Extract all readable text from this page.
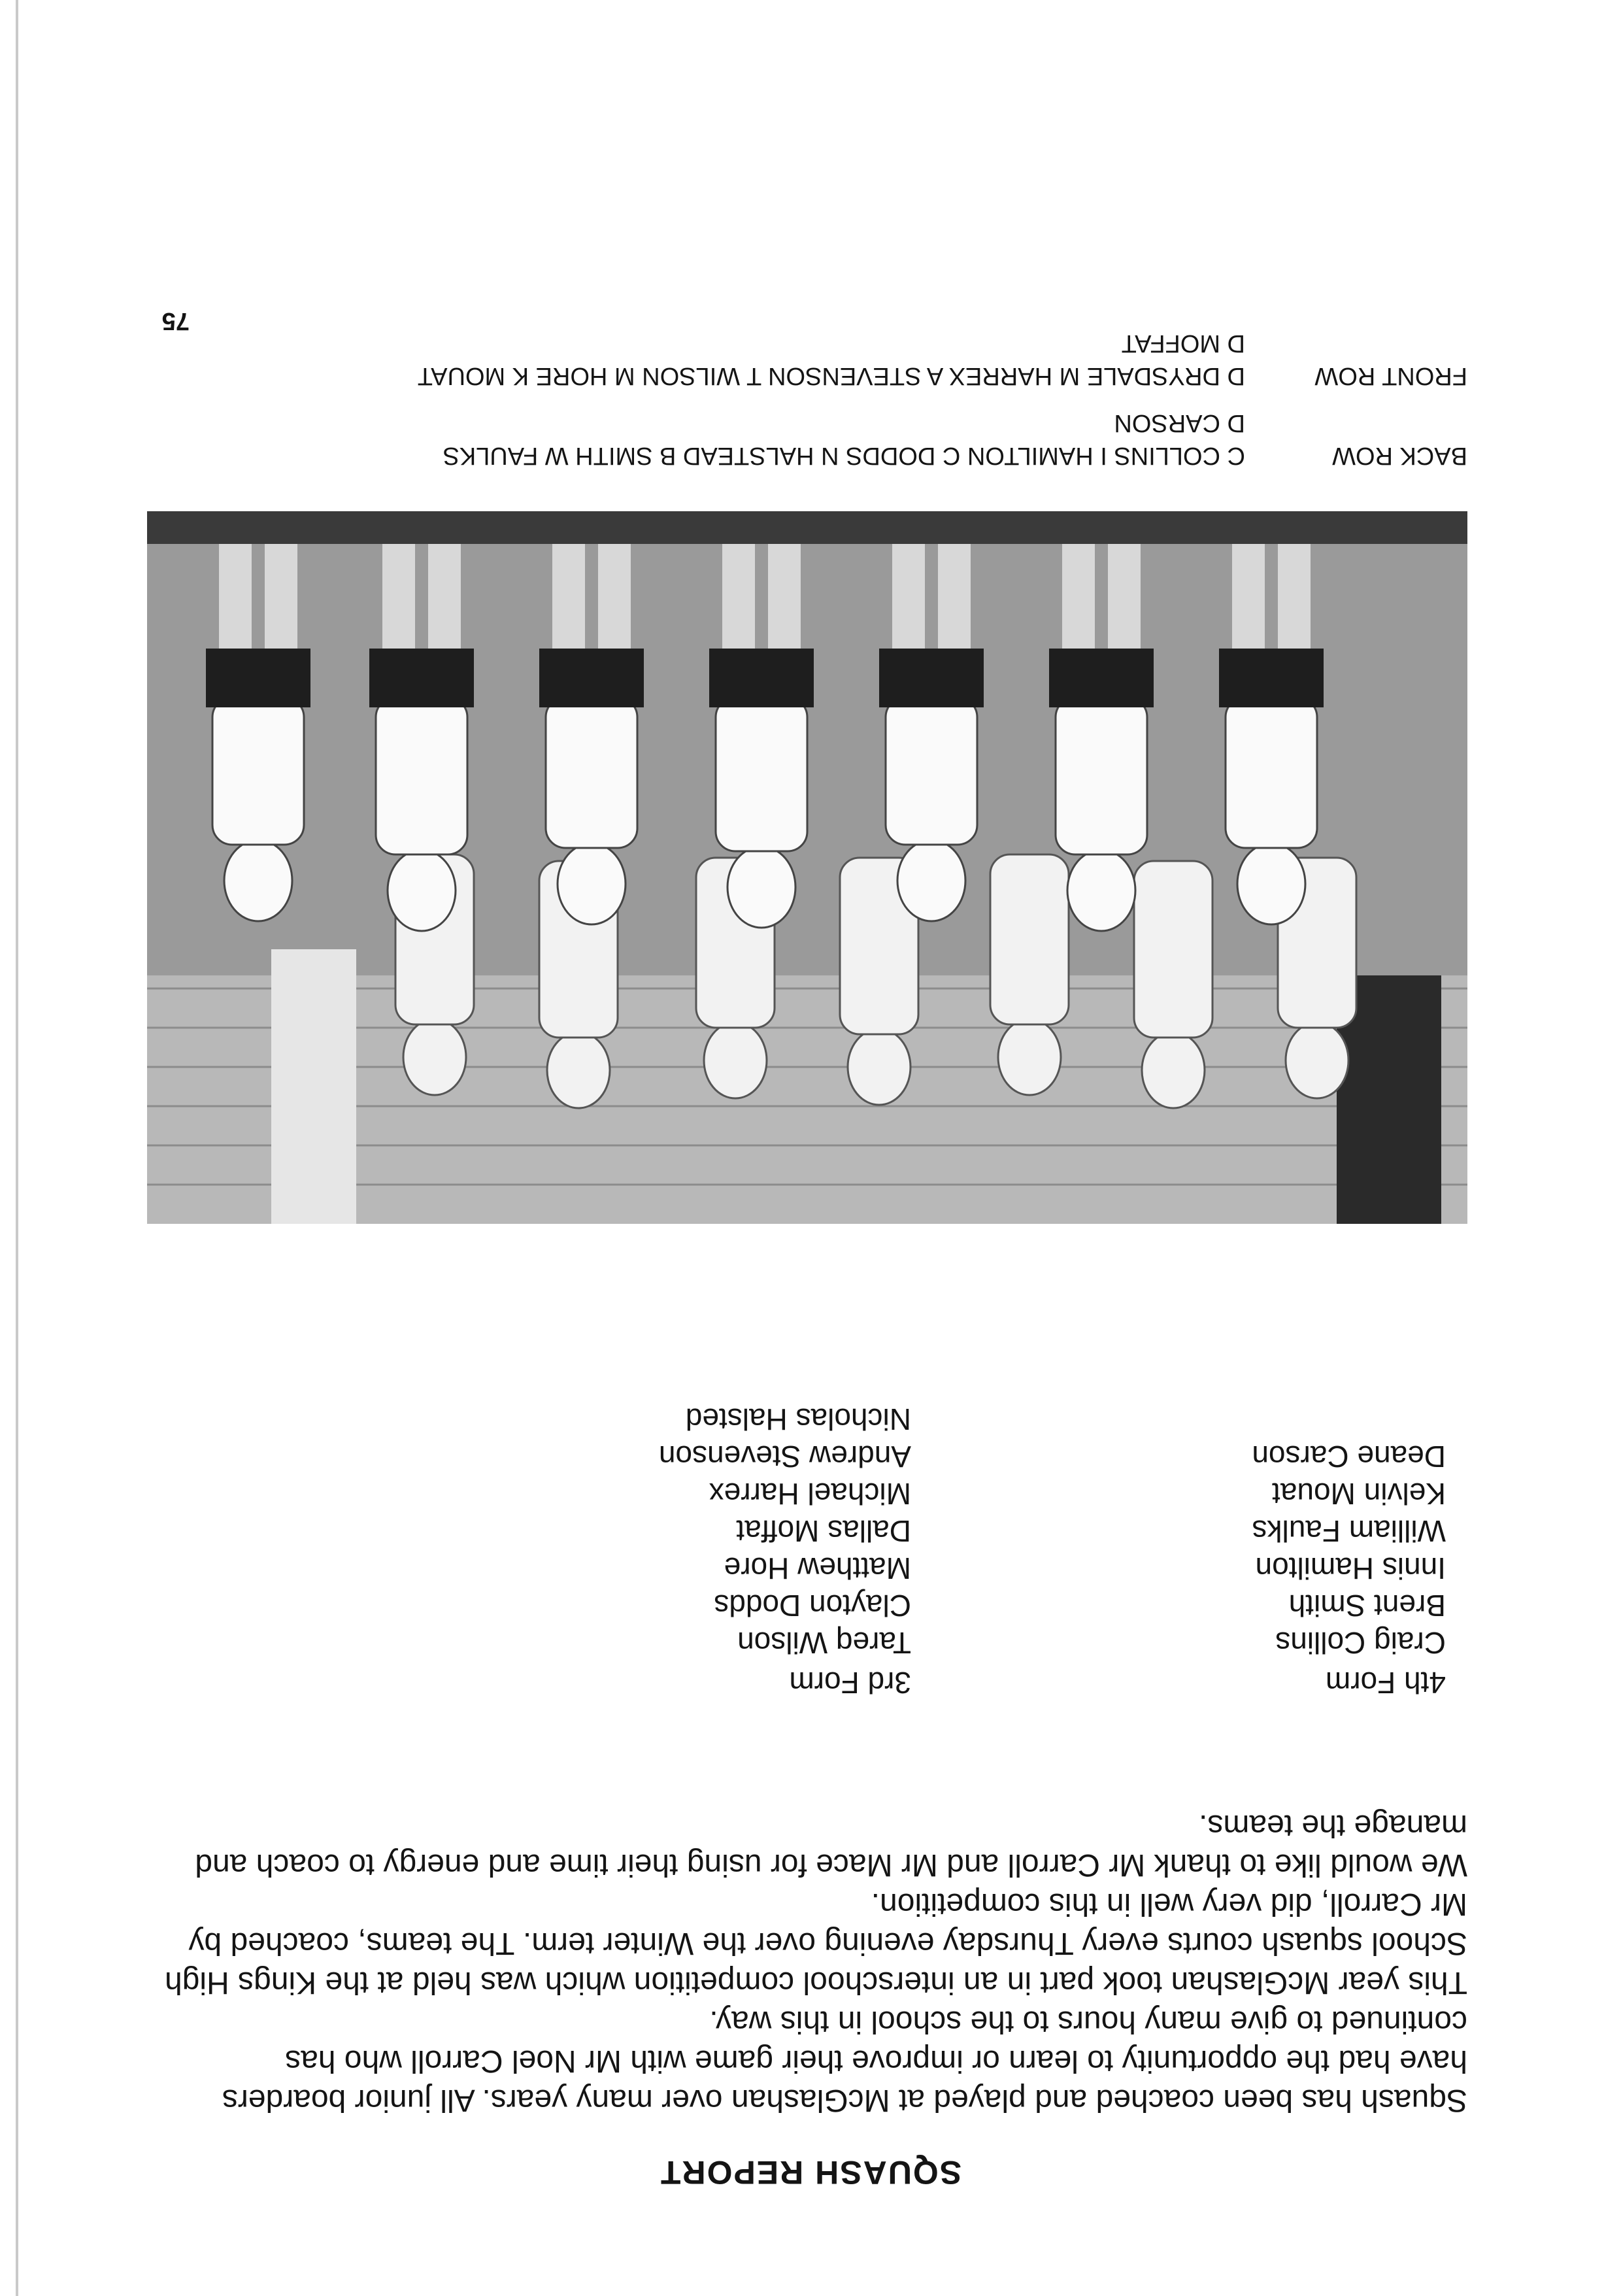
75
SQUASH REPORT

Squash has been coached and played at McGlashan over many years. All junior boarders have had the opportunity to learn or improve their game with Mr Noel Carroll who has continued to give many hours to the school in this way.

This year McGlashan took part in an interschool competition which was held at the Kings High School squash courts every Thursday evening over the Winter term. The teams, coached by Mr Carroll, did very well in this competition.

We would like to thank Mr Carroll and Mr Mace for using their time and energy to coach and manage the teams.

4th Form
Craig Collins
Brent Smith
Innis Hamilton
William Faulks
Kelvin Mouat
Deane Carson
3rd Form
Tareq Wilson
Clayton Dodds
Matthew Hore
Dallas Moffat
Michael Harrex
Andrew Stevenson
Nicholas Halsted
BACK ROW
C COLLINS I HAMILTON C DODDS N HALSTEAD B SMITH W FAULKS
D CARSON
FRONT ROW
D DRYSDALE M HARREX A STEVENSON T WILSON M HORE K MOUAT
D MOFFAT
